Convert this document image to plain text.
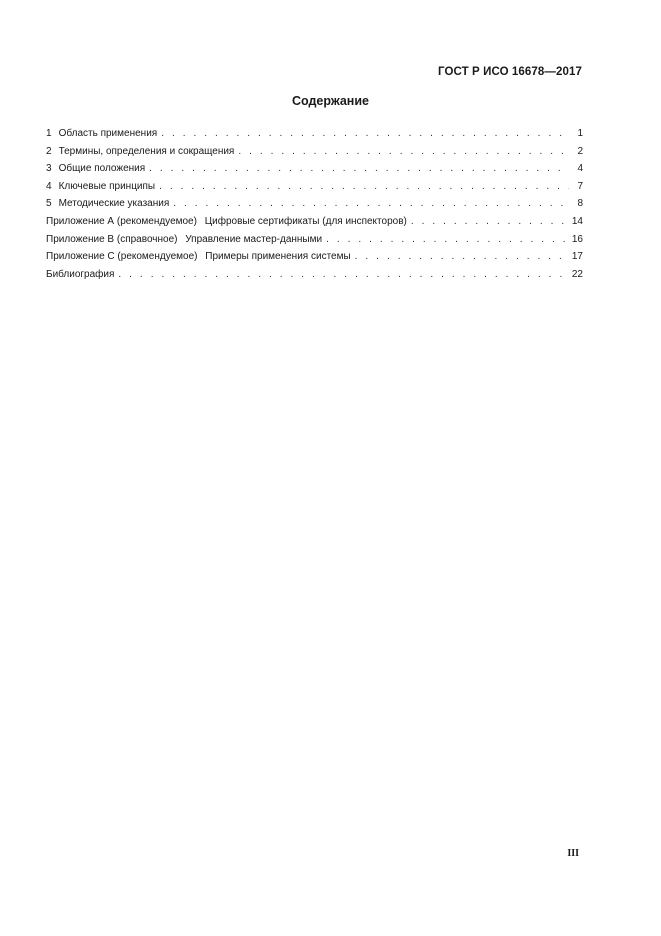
ГОСТ Р ИСО 16678—2017
Содержание
1 Область применения . . .	1
2 Термины, определения и сокращения . . .	2
3 Общие положения . . .	4
4 Ключевые принципы . . .	7
5 Методические указания . . .	8
Приложение А (рекомендуемое) Цифровые сертификаты (для инспекторов) . . .	14
Приложение В (справочное) Управление мастер-данными . . .	16
Приложение С (рекомендуемое) Примеры применения системы . . .	17
Библиография . . .	22
III
